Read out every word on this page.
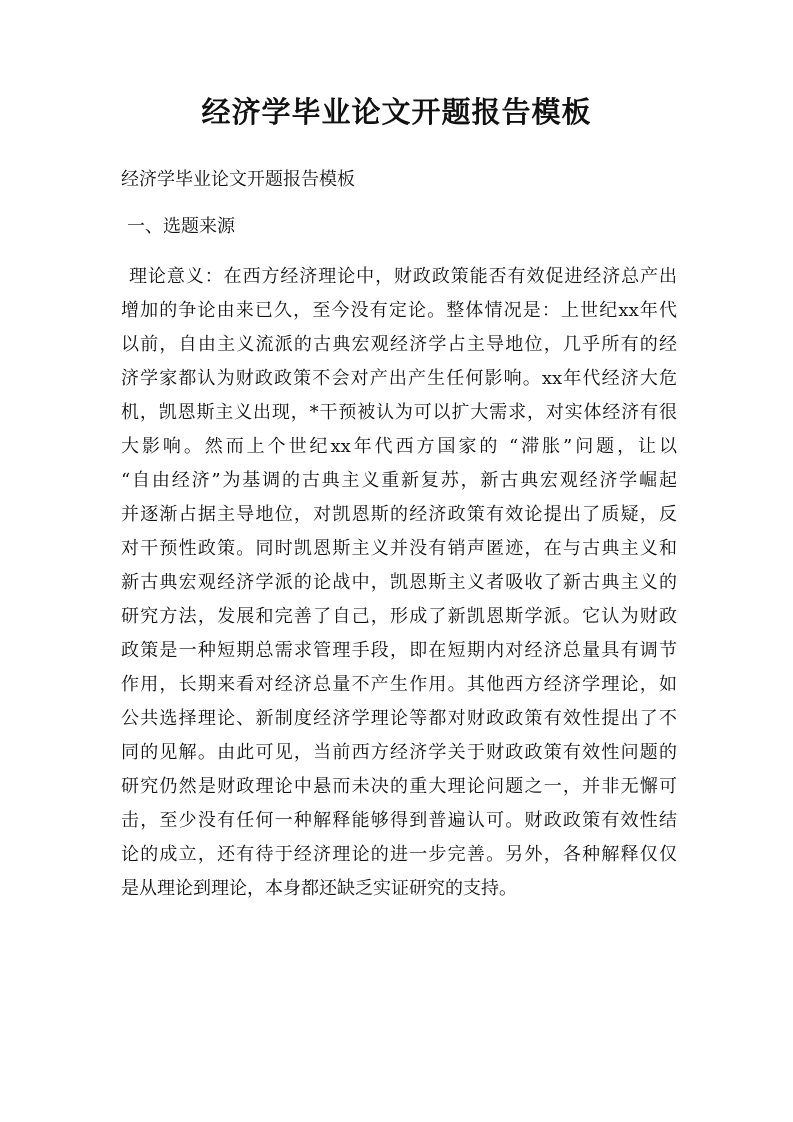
经济学毕业论文开题报告模板
经济学毕业论文开题报告模板
一、选题来源
理论意义：在西方经济理论中，财政政策能否有效促进经济总产出
增加的争论由来已久，至今没有定论。整体情况是：上世纪xx年代
以前，自由主义流派的古典宏观经济学占主导地位，几乎所有的经
济学家都认为财政政策不会对产出产生任何影响。xx年代经济大危
机，凯恩斯主义出现，*干预被认为可以扩大需求，对实体经济有很
大影响。然而上个世纪xx年代西方国家的 “滞胀”问题，让以
“自由经济”为基调的古典主义重新复苏，新古典宏观经济学崛起
并逐渐占据主导地位，对凯恩斯的经济政策有效论提出了质疑，反
对干预性政策。同时凯恩斯主义并没有销声匿迹，在与古典主义和
新古典宏观经济学派的论战中，凯恩斯主义者吸收了新古典主义的
研究方法，发展和完善了自己，形成了新凯恩斯学派。它认为财政
政策是一种短期总需求管理手段，即在短期内对经济总量具有调节
作用，长期来看对经济总量不产生作用。其他西方经济学理论，如
公共选择理论、新制度经济学理论等都对财政政策有效性提出了不
同的见解。由此可见，当前西方经济学关于财政政策有效性问题的
研究仍然是财政理论中悬而未决的重大理论问题之一，并非无懈可
击，至少没有任何一种解释能够得到普遍认可。财政政策有效性结
论的成立，还有待于经济理论的进一步完善。另外，各种解释仅仅
是从理论到理论，本身都还缺乏实证研究的支持。
